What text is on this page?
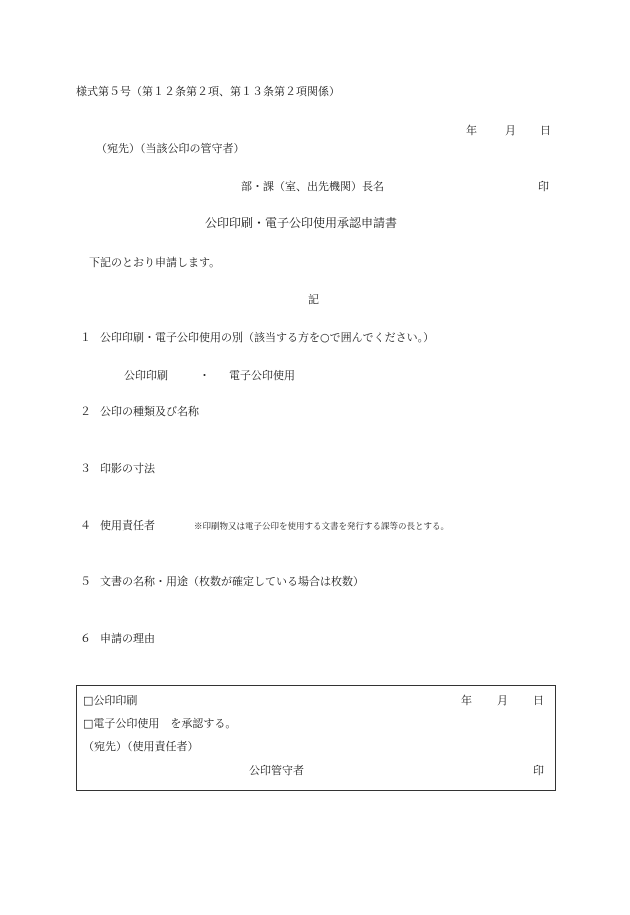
様式第５号（第１２条第２項、第１３条第２項関係）
年	月 日
（宛先）（当該公印の管守者）
部・課（室、出先機関）長名	印
公印印刷・電子公印使用承認申請書
下記のとおり申請します。
記
１ 公印印刷・電子公印使用の別（該当する方を○で囲んでください。）
公印印刷	・ 電子公印使用
２ 公印の種類及び名称
３ 印影の寸法
４ 使用責任者	※印刷物又は電子公印を使用する文書を発行する課等の長とする。
５ 文書の名称・用途（枚数が確定している場合は枚数）
６ 申請の理由
□公印印刷	年 月 日
□電子公印使用　を承認する。
（宛先）（使用責任者）
公印管守者	印
